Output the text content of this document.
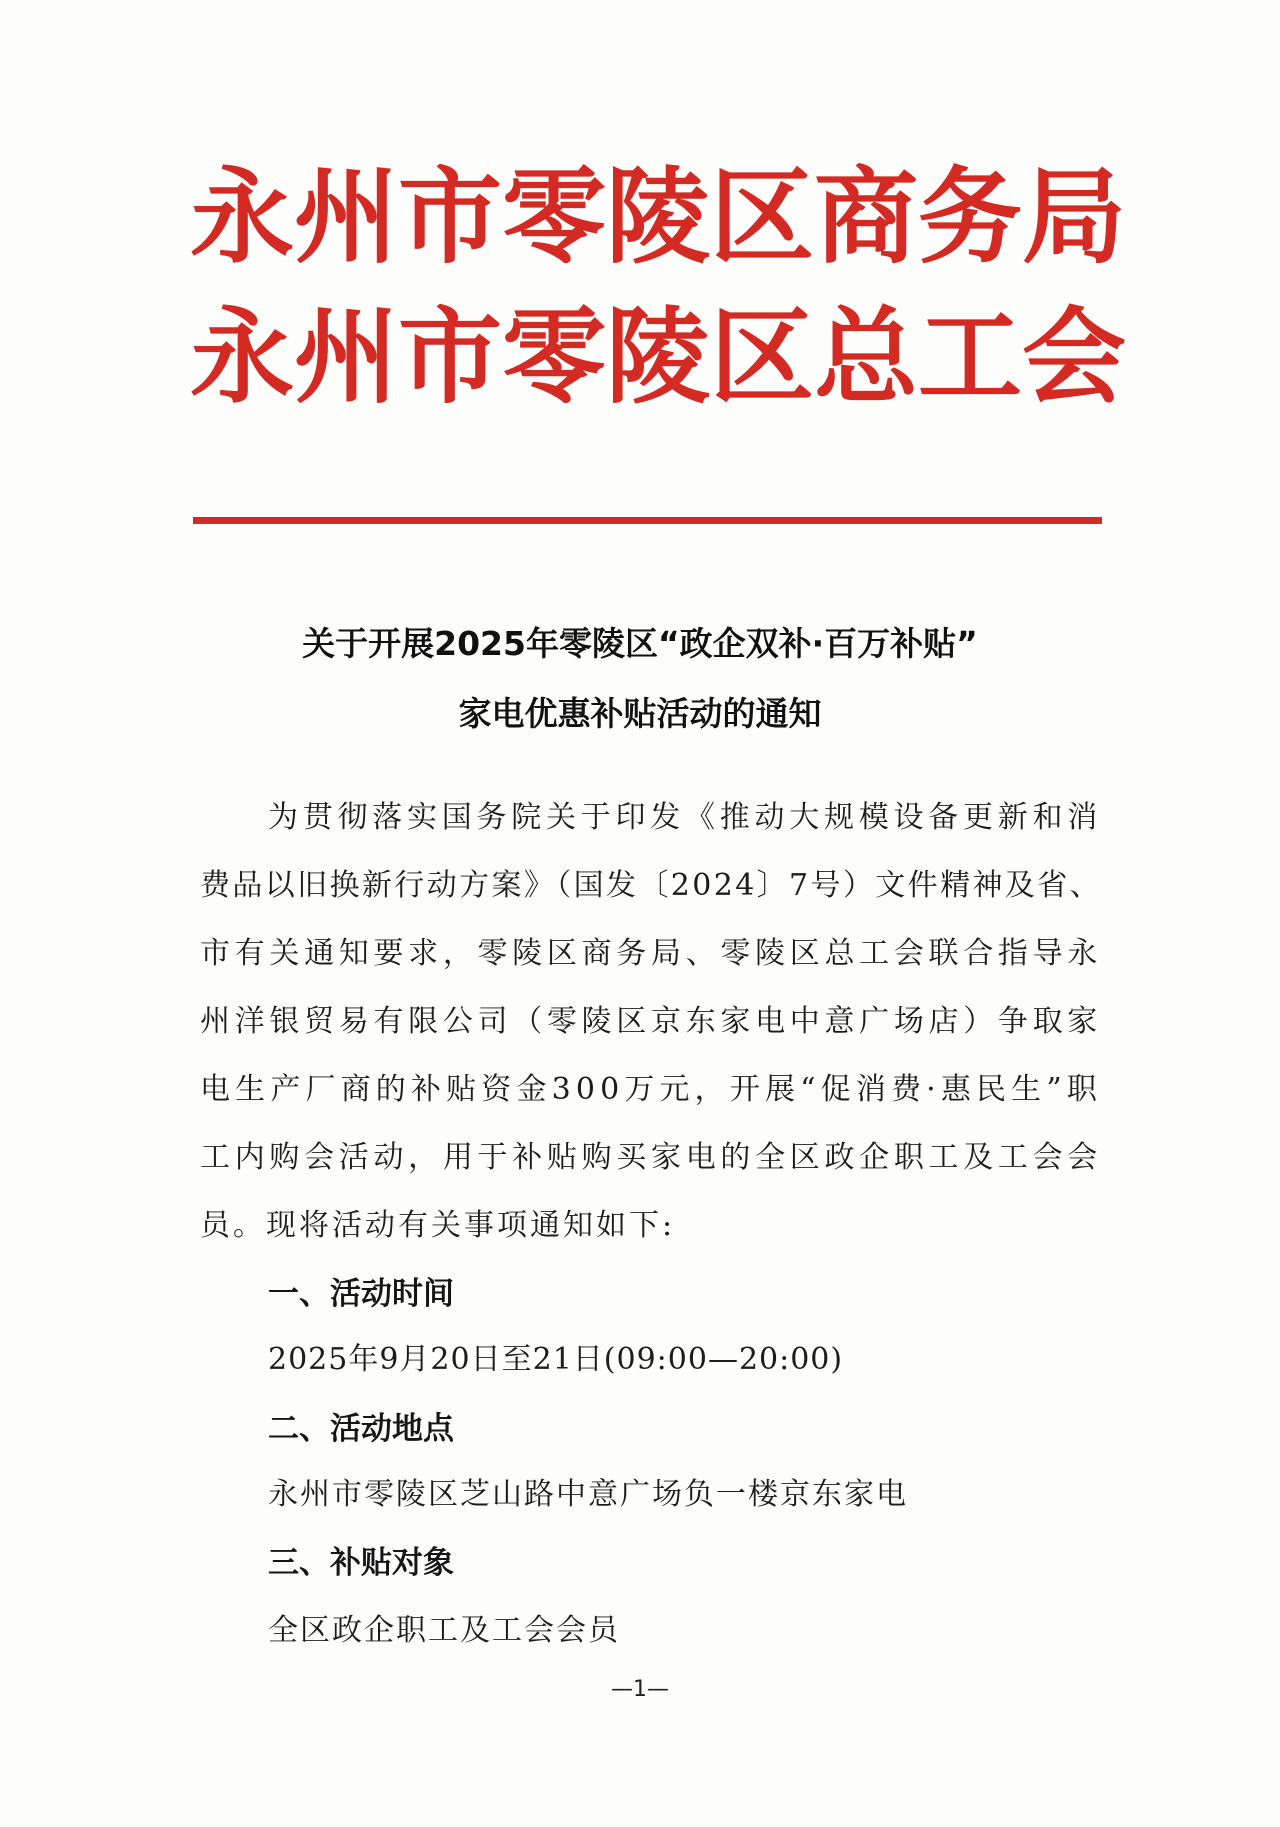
永 州 市 零 陵 区 商 务 局
永 州 市 零 陵 区 总 工 会
关于开展2025年零陵区“政企双补·百万补贴”
家电优惠补贴活动的通知
为贯彻落实国务院关于印发《推动大规模设备更新和消
费品以旧换新行动方案》（国发〔2024〕7号）文件精神及省、
市有关通知要求，零陵区商务局、零陵区总工会联合指导永
州洋银贸易有限公司（零陵区京东家电中意广场店）争取家
电生产厂商的补贴资金300万元，开展“促消费·惠民生”职
工内购会活动，用于补贴购买家电的全区政企职工及工会会
员。现将活动有关事项通知如下:
一、活动时间
2025年9月20日至21日(09:00—20:00)
二、活动地点
永州市零陵区芝山路中意广场负一楼京东家电
三、补贴对象
全区政企职工及工会会员
—1—
